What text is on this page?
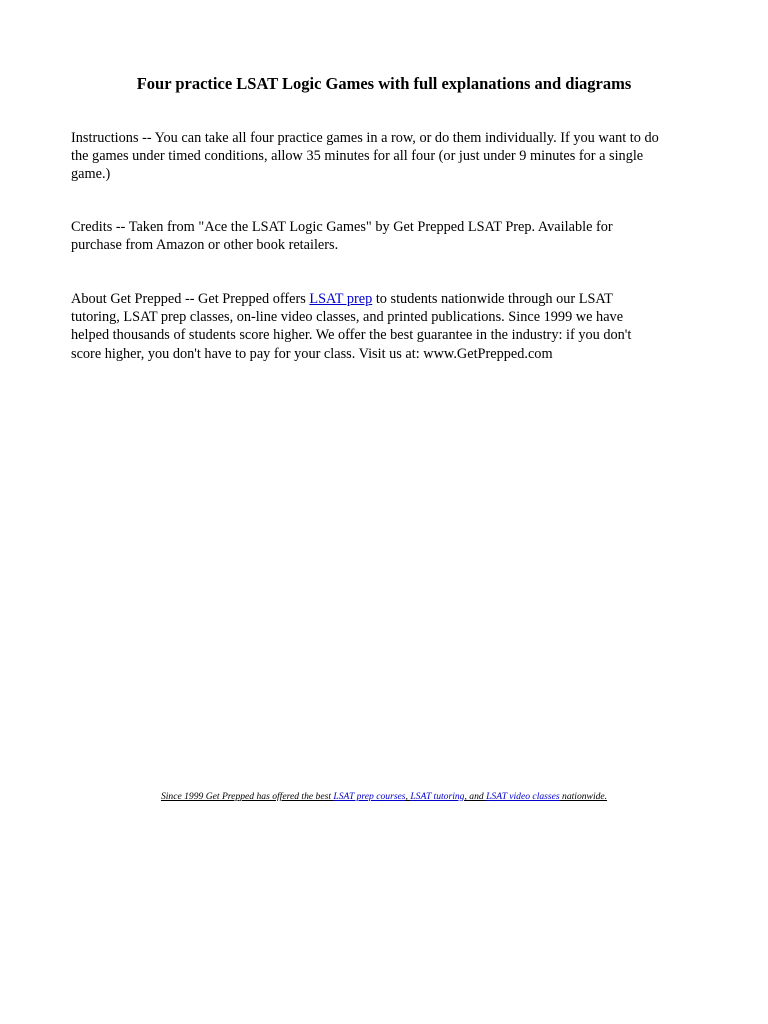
Four practice LSAT Logic Games with full explanations and diagrams

Instructions -- You can take all four practice games in a row, or do them individually. If you want to do
the games under timed conditions, allow 35 minutes for all four (or just under 9 minutes for a single
game.)

Credits -- Taken from "Ace the LSAT Logic Games" by Get Prepped LSAT Prep. Available for
purchase from Amazon or other book retailers.

About Get Prepped -- Get Prepped offers LSAT prep to students nationwide through our LSAT
tutoring, LSAT prep classes, on-line video classes, and printed publications. Since 1999 we have
helped thousands of students score higher. We offer the best guarantee in the industry: if you don't
score higher, you don't have to pay for your class. Visit us at: www.GetPrepped.com

Since 1999 Get Prepped has offered the best LSAT prep courses, LSAT tutoring, and LSAT video classes nationwide.
